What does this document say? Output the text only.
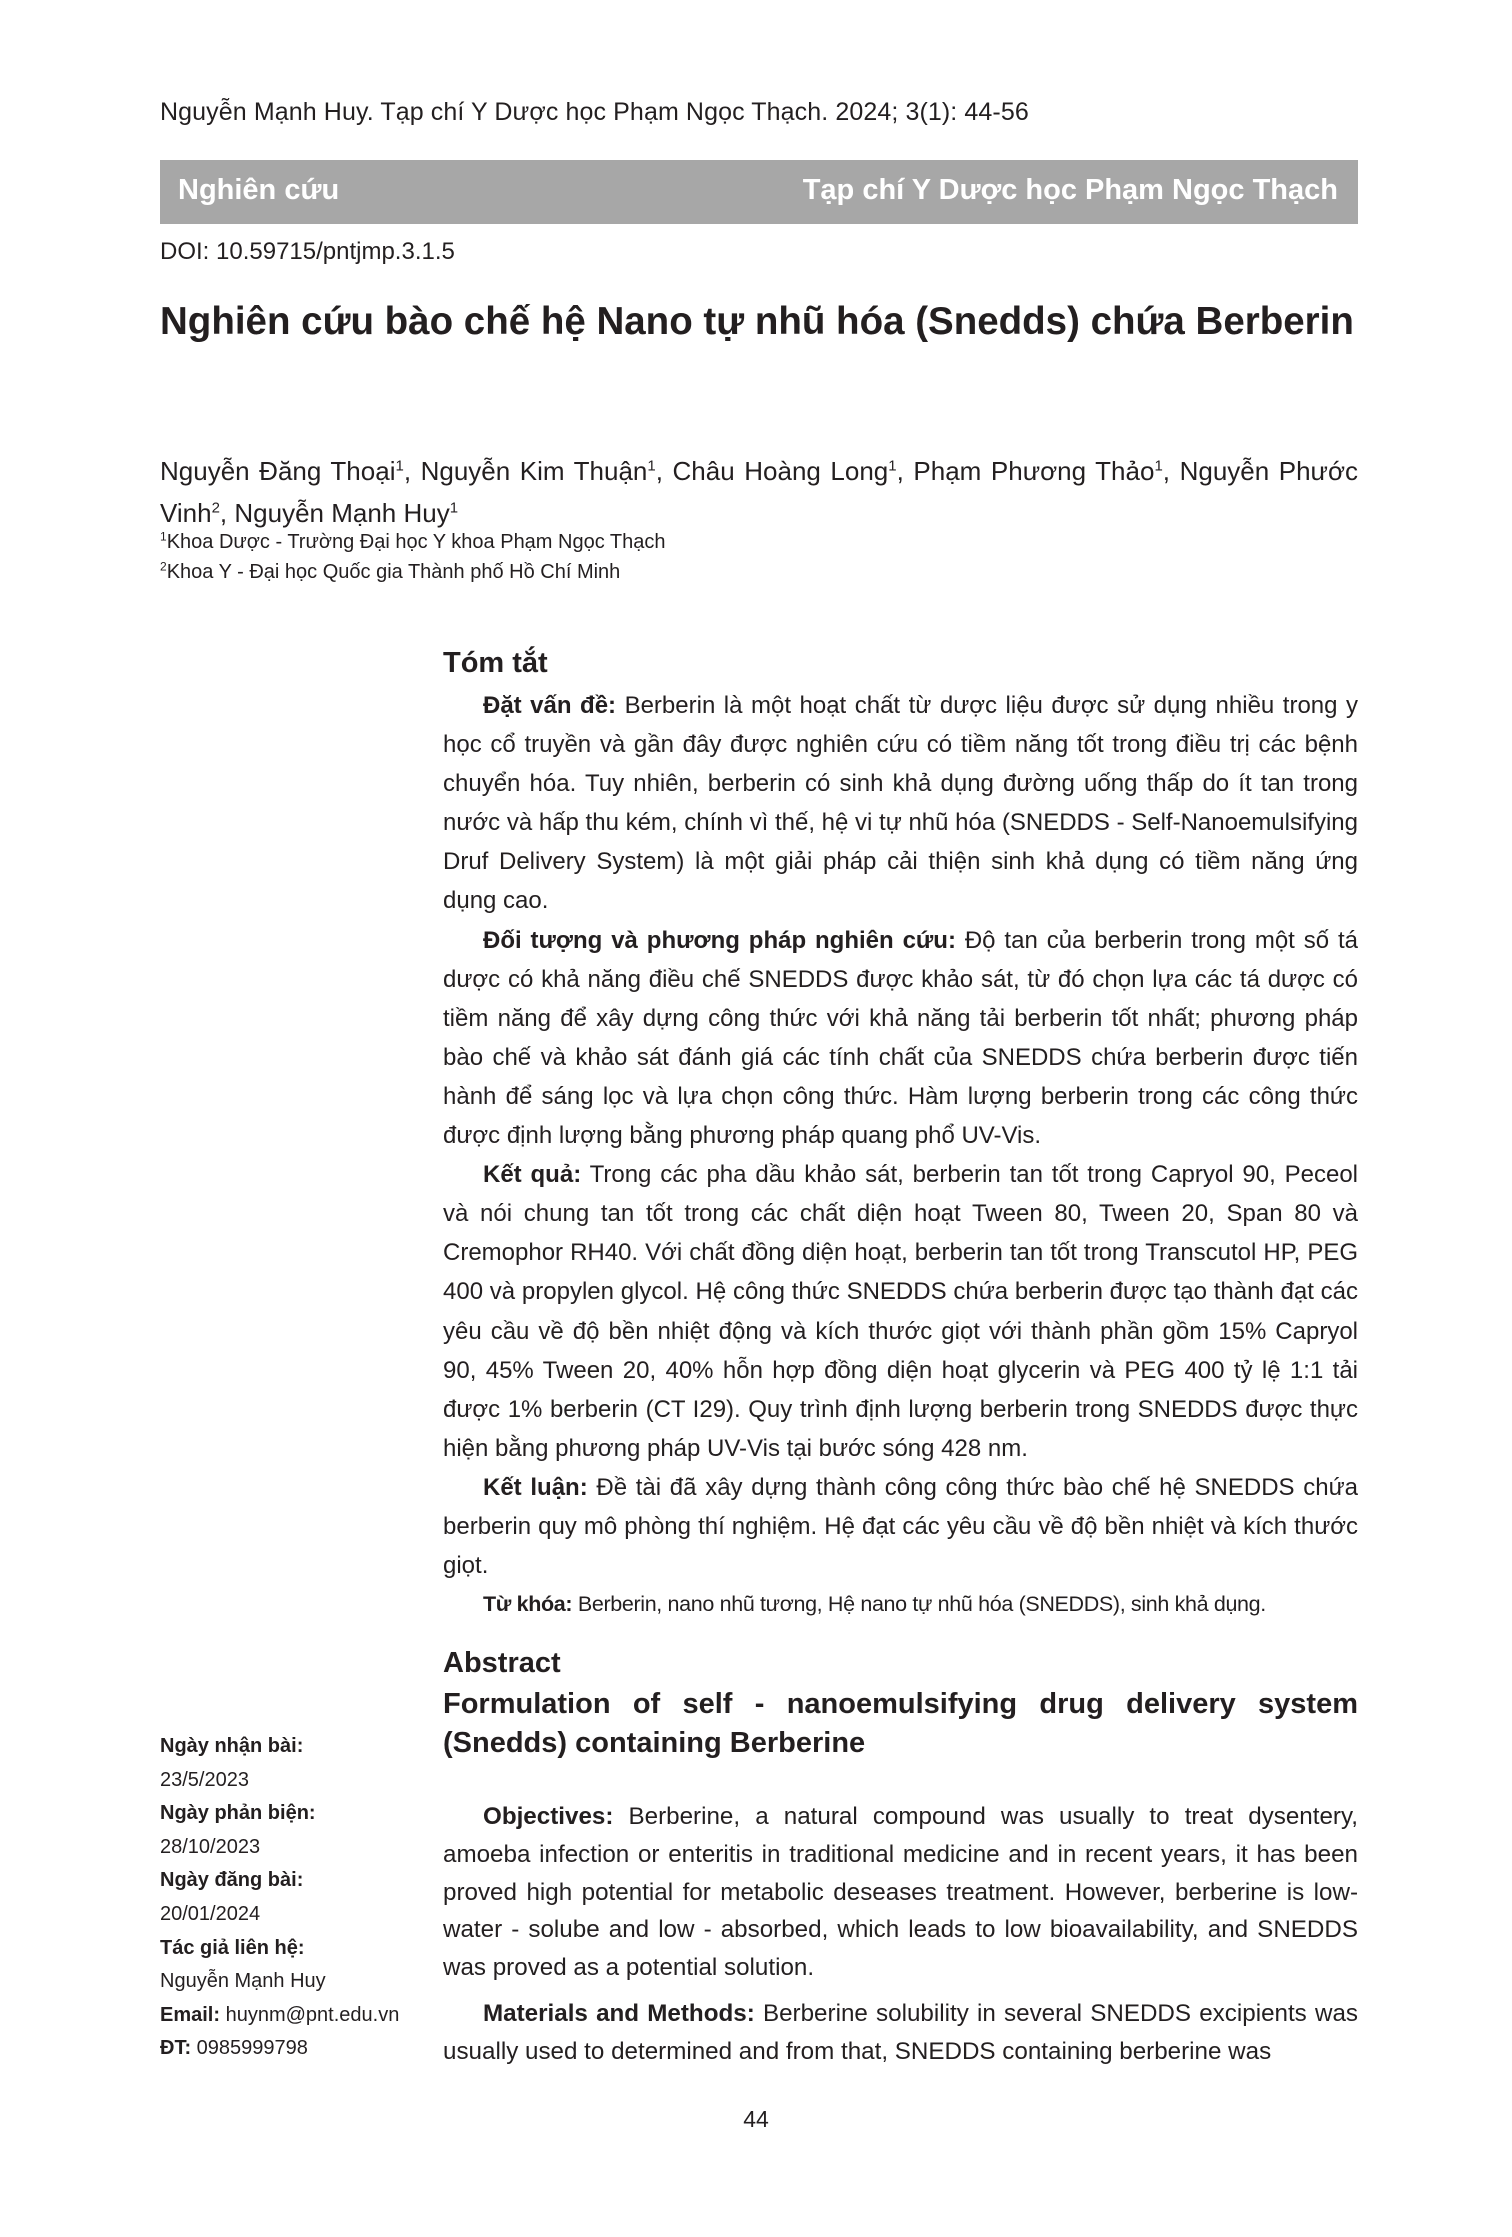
Nguyễn Mạnh Huy. Tạp chí Y Dược học Phạm Ngọc Thạch. 2024; 3(1): 44-56
Nghiên cứu	Tạp chí Y Dược học Phạm Ngọc Thạch
DOI: 10.59715/pntjmp.3.1.5
Nghiên cứu bào chế hệ Nano tự nhũ hóa (Snedds) chứa Berberin
Nguyễn Đăng Thoại$^1$, Nguyễn Kim Thuận$^1$, Châu Hoàng Long$^1$, Phạm Phương Thảo$^1$, Nguyễn Phước Vinh$^2$, Nguyễn Mạnh Huy$^1$
$^1$Khoa Dược - Trường Đại học Y khoa Phạm Ngọc Thạch
$^2$Khoa Y - Đại học Quốc gia Thành phố Hồ Chí Minh
Tóm tắt

Đặt vấn đề: Berberin là một hoạt chất từ dược liệu được sử dụng nhiều trong y học cổ truyền và gần đây được nghiên cứu có tiềm năng tốt trong điều trị các bệnh chuyển hóa. Tuy nhiên, berberin có sinh khả dụng đường uống thấp do ít tan trong nước và hấp thu kém, chính vì thế, hệ vi tự nhũ hóa (SNEDDS - Self-Nanoemulsifying Druf Delivery System) là một giải pháp cải thiện sinh khả dụng có tiềm năng ứng dụng cao.

Đối tượng và phương pháp nghiên cứu: Độ tan của berberin trong một số tá dược có khả năng điều chế SNEDDS được khảo sát, từ đó chọn lựa các tá dược có tiềm năng để xây dựng công thức với khả năng tải berberin tốt nhất; phương pháp bào chế và khảo sát đánh giá các tính chất của SNEDDS chứa berberin được tiến hành để sáng lọc và lựa chọn công thức. Hàm lượng berberin trong các công thức được định lượng bằng phương pháp quang phổ UV-Vis.

Kết quả: Trong các pha dầu khảo sát, berberin tan tốt trong Capryol 90, Peceol và nói chung tan tốt trong các chất diện hoạt Tween 80, Tween 20, Span 80 và Cremophor RH40. Với chất đồng diện hoạt, berberin tan tốt trong Transcutol HP, PEG 400 và propylen glycol. Hệ công thức SNEDDS chứa berberin được tạo thành đạt các yêu cầu về độ bền nhiệt động và kích thước giọt với thành phần gồm 15% Capryol 90, 45% Tween 20, 40% hỗn hợp đồng diện hoạt glycerin và PEG 400 tỷ lệ 1:1 tải được 1% berberin (CT I29). Quy trình định lượng berberin trong SNEDDS được thực hiện bằng phương pháp UV-Vis tại bước sóng 428 nm.

Kết luận: Đề tài đã xây dựng thành công công thức bào chế hệ SNEDDS chứa berberin quy mô phòng thí nghiệm. Hệ đạt các yêu cầu về độ bền nhiệt và kích thước giọt.

Từ khóa: Berberin, nano nhũ tương, Hệ nano tự nhũ hóa (SNEDDS), sinh khả dụng.

Abstract
Formulation of self - nanoemulsifying drug delivery system (Snedds) containing Berberine

Objectives: Berberine, a natural compound was usually to treat dysentery, amoeba infection or enteritis in traditional medicine and in recent years, it has been proved high potential for metabolic deseases treatment. However, berberine is low-water - solube and low - absorbed, which leads to low bioavailability, and SNEDDS was proved as a potential solution.

Materials and Methods: Berberine solubility in several SNEDDS excipients was usually used to determined and from that, SNEDDS containing berberine was

Ngày nhận bài:
23/5/2023
Ngày phản biện:
28/10/2023
Ngày đăng bài:
20/01/2024
Tác giả liên hệ:
Nguyễn Mạnh Huy
Email: huynm@pnt.edu.vn
ĐT: 0985999798
44
